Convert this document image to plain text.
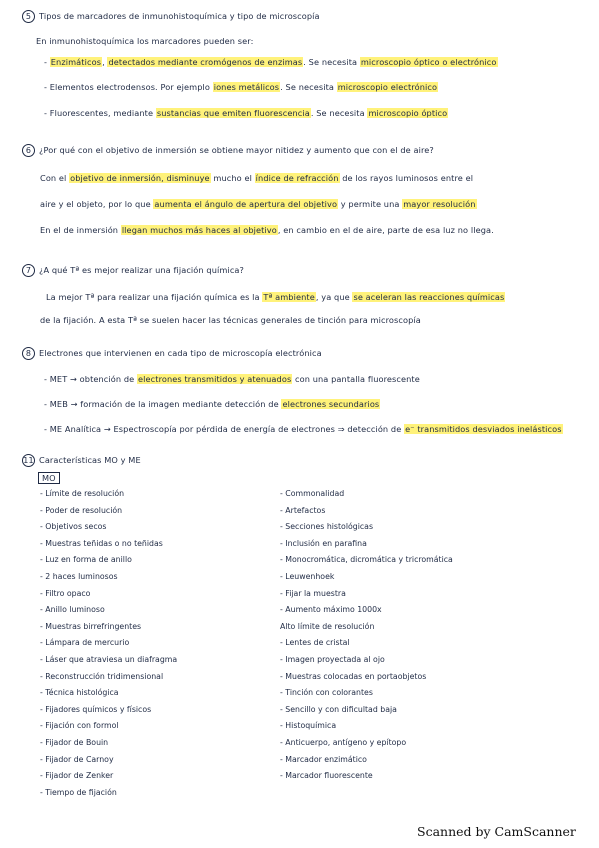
5 Tipos de marcadores de inmunohistoquímica y tipo de microscopía
En inmunohistoquímica los marcadores pueden ser:
- Enzimáticos, detectados mediante cromógenos de enzimas. Se necesita microscopio óptico o electrónico
- Elementos electrodensos. Por ejemplo iones metálicos. Se necesita microscopio electrónico
- Fluorescentes, mediante sustancias que emiten fluorescencia. Se necesita microscopio óptico
6 ¿Por qué con el objetivo de inmersión se obtiene mayor nitidez y aumento que con el de aire?
Con el objetivo de inmersión, disminuye mucho el índice de refracción de los rayos luminosos entre el
aire y el objeto, por lo que aumenta el ángulo de apertura del objetivo y permite una mayor resolución
En el de inmersión llegan muchos más haces al objetivo, en cambio en el de aire, parte de esa luz no llega.
7 ¿A qué Tª es mejor realizar una fijación química?
La mejor Tª para realizar una fijación química es la Tª ambiente, ya que se aceleran las reacciones químicas
de la fijación. A esta Tª se suelen hacer las técnicas generales de tinción para microscopía
8 Electrones que intervienen en cada tipo de microscopía electrónica
- MET → obtención de electrones transmitidos y atenuados con una pantalla fluorescente
- MEB → formación de la imagen mediante detección de electrones secundarios
- ME Analítica → Espectroscopía por pérdida de energía de electrones ⇒ detección de e⁻ transmitidos desviados inelásticos
11 Características MO y ME
MO
- Límite de resolución
- Poder de resolución
- Objetivos secos
- Muestras teñidas o no teñidas
- Luz en forma de anillo
- 2 haces luminosos
- Filtro opaco
- Anillo luminoso
- Muestras birrefringentes
- Lámpara de mercurio
- Láser que atraviesa un diafragma
- Reconstrucción tridimensional
- Técnica histológica
- Fijadores químicos y físicos
- Fijación con formol
- Fijador de Bouin
- Fijador de Carnoy
- Fijador de Zenker
- Tiempo de fijación
- Commonalidad
- Artefactos
- Secciones histológicas
- Inclusión en parafina
- Monocromática, dicromática y tricromática
- Leuwenhoek
- Fijar la muestra
- Aumento máximo 1000x
Alto límite de resolución
- Lentes de cristal
- Imagen proyectada al ojo
- Muestras colocadas en portaobjetos
- Tinción con colorantes
- Sencillo y con dificultad baja
- Histoquímica
- Anticuerpo, antígeno y epítopo
- Marcador enzimático
- Marcador fluorescente
Scanned by CamScanner
